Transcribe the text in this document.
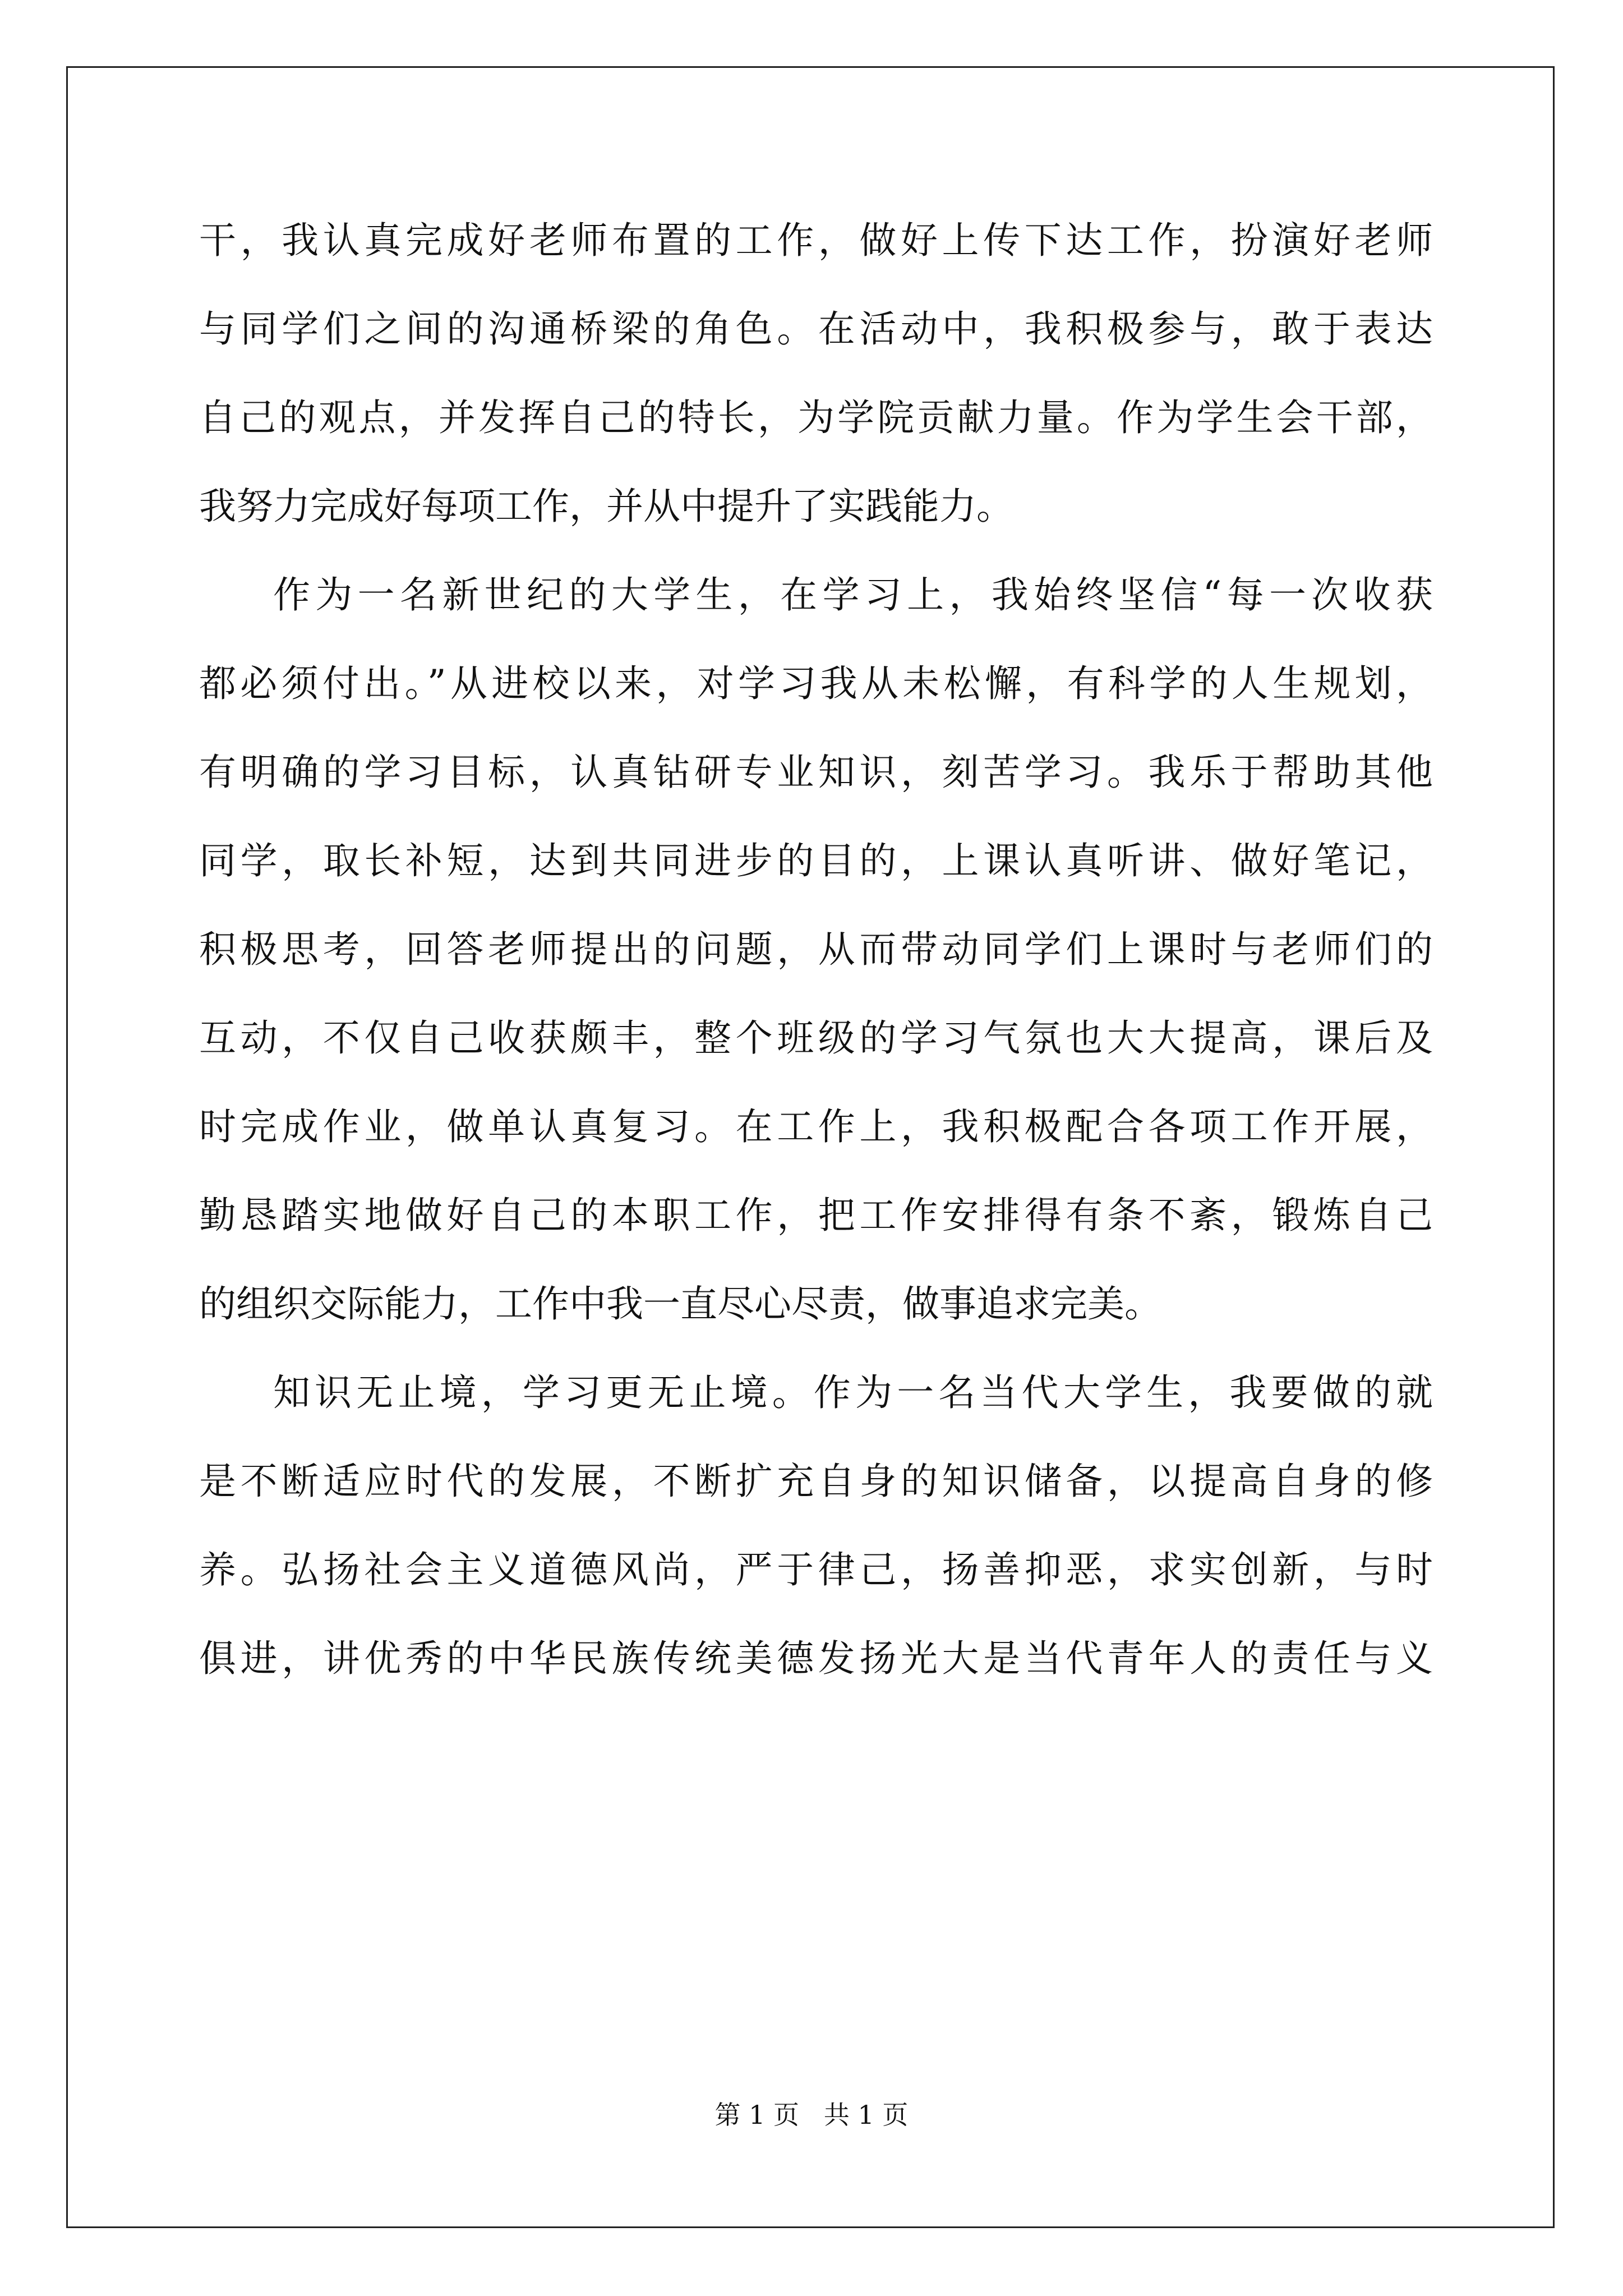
干，我认真完成好老师布置的工作，做好上传下达工作，扮演好老师
与同学们之间的沟通桥梁的角色。在活动中，我积极参与，敢于表达
自己的观点，并发挥自己的特长，为学院贡献力量。作为学生会干部，
我努力完成好每项工作，并从中提升了实践能力。
作为一名新世纪的大学生，在学习上，我始终坚信“每一次收获
都必须付出。”从进校以来，对学习我从未松懈，有科学的人生规划，
有明确的学习目标，认真钻研专业知识，刻苦学习。我乐于帮助其他
同学，取长补短，达到共同进步的目的，上课认真听讲、做好笔记，
积极思考，回答老师提出的问题，从而带动同学们上课时与老师们的
互动，不仅自己收获颇丰，整个班级的学习气氛也大大提高，课后及
时完成作业，做单认真复习。在工作上，我积极配合各项工作开展，
勤恳踏实地做好自己的本职工作，把工作安排得有条不紊，锻炼自己
的组织交际能力，工作中我一直尽心尽责，做事追求完美。
知识无止境，学习更无止境。作为一名当代大学生，我要做的就
是不断适应时代的发展，不断扩充自身的知识储备，以提高自身的修
养。弘扬社会主义道德风尚，严于律己，扬善抑恶，求实创新，与时
俱进，讲优秀的中华民族传统美德发扬光大是当代青年人的责任与义
第 1 页   共 1 页
